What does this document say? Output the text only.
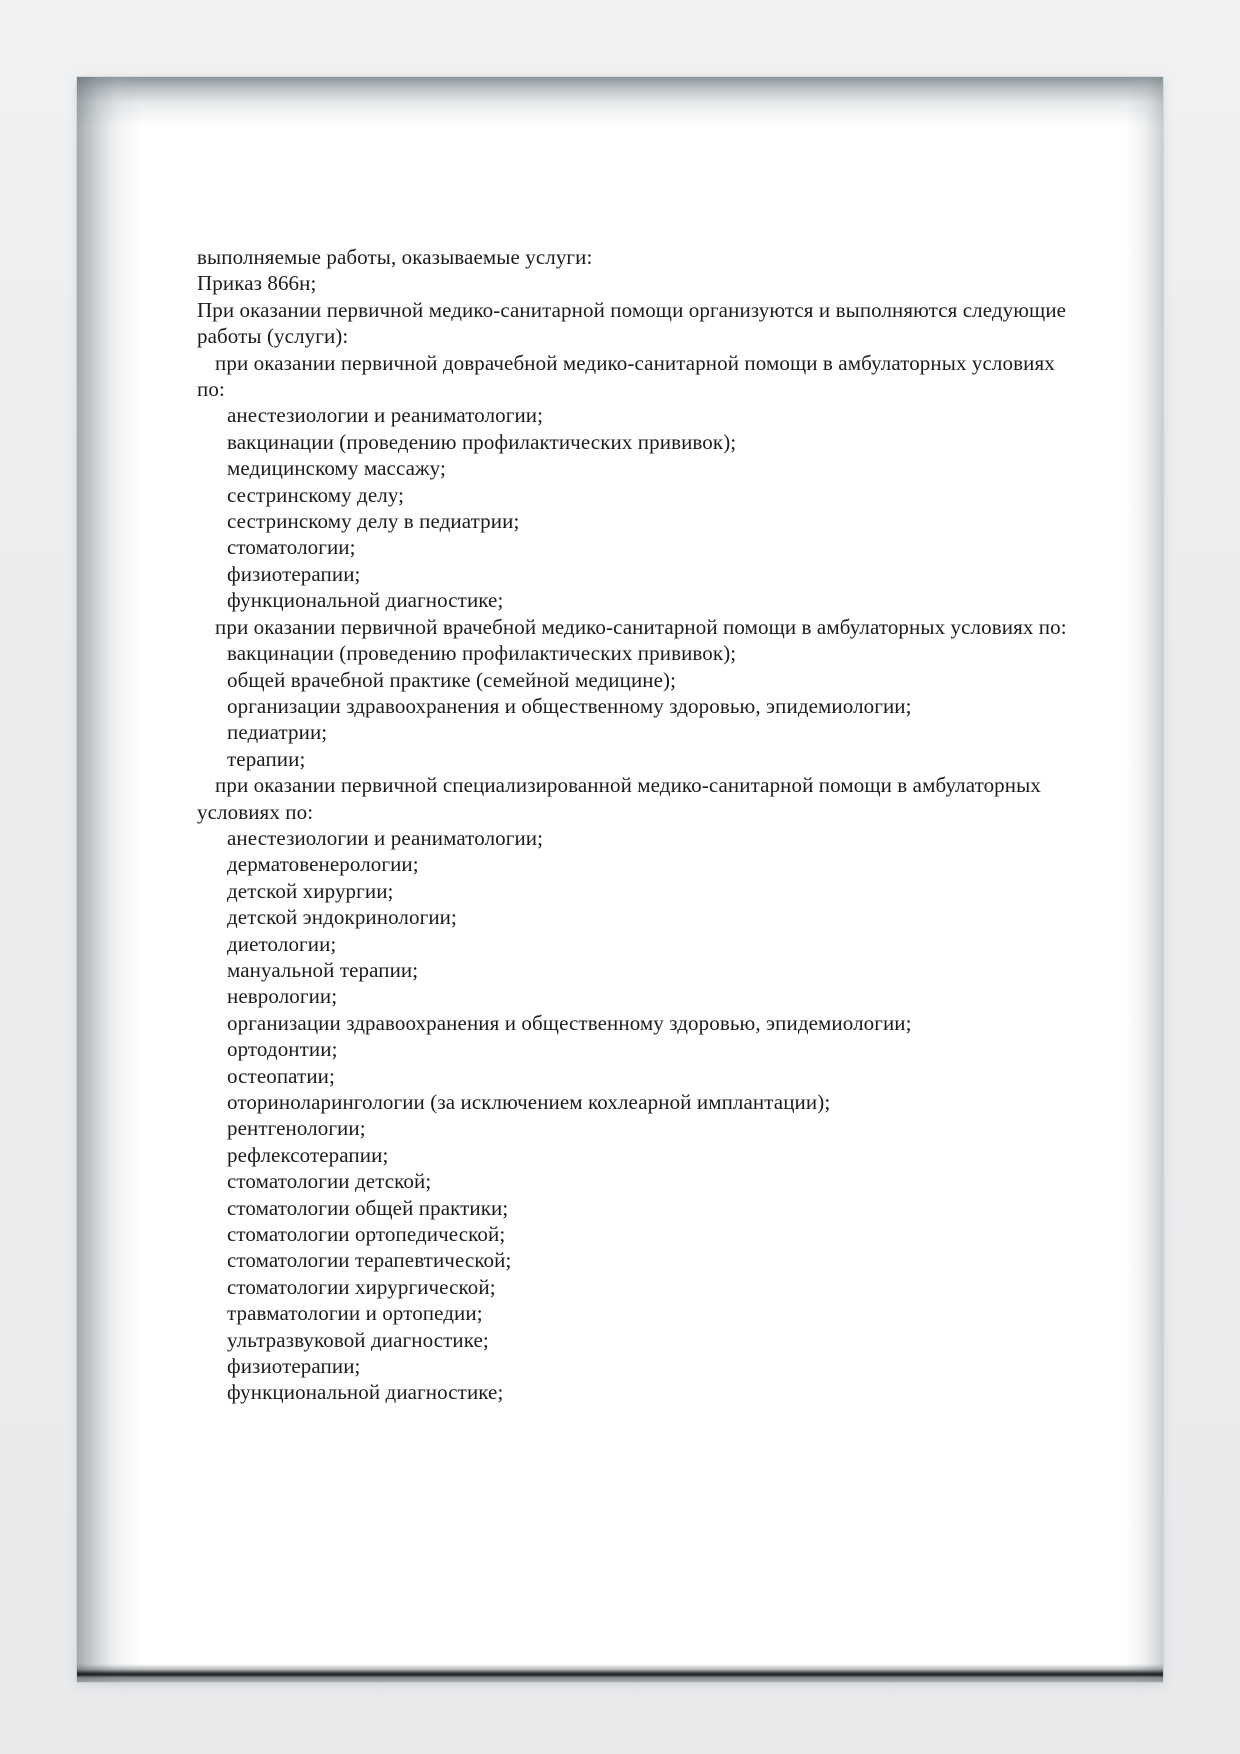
выполняемые работы, оказываемые услуги:
Приказ 866н;
При оказании первичной медико-санитарной помощи организуются и выполняются следующие
работы (услуги):
при оказании первичной доврачебной медико-санитарной помощи в амбулаторных условиях
по:
анестезиологии и реаниматологии;
вакцинации (проведению профилактических прививок);
медицинскому массажу;
сестринскому делу;
сестринскому делу в педиатрии;
стоматологии;
физиотерапии;
функциональной диагностике;
при оказании первичной врачебной медико-санитарной помощи в амбулаторных условиях по:
вакцинации (проведению профилактических прививок);
общей врачебной практике (семейной медицине);
организации здравоохранения и общественному здоровью, эпидемиологии;
педиатрии;
терапии;
при оказании первичной специализированной медико-санитарной помощи в амбулаторных
условиях по:
анестезиологии и реаниматологии;
дерматовенерологии;
детской хирургии;
детской эндокринологии;
диетологии;
мануальной терапии;
неврологии;
организации здравоохранения и общественному здоровью, эпидемиологии;
ортодонтии;
остеопатии;
оториноларингологии (за исключением кохлеарной имплантации);
рентгенологии;
рефлексотерапии;
стоматологии детской;
стоматологии общей практики;
стоматологии ортопедической;
стоматологии терапевтической;
стоматологии хирургической;
травматологии и ортопедии;
ультразвуковой диагностике;
физиотерапии;
функциональной диагностике;
